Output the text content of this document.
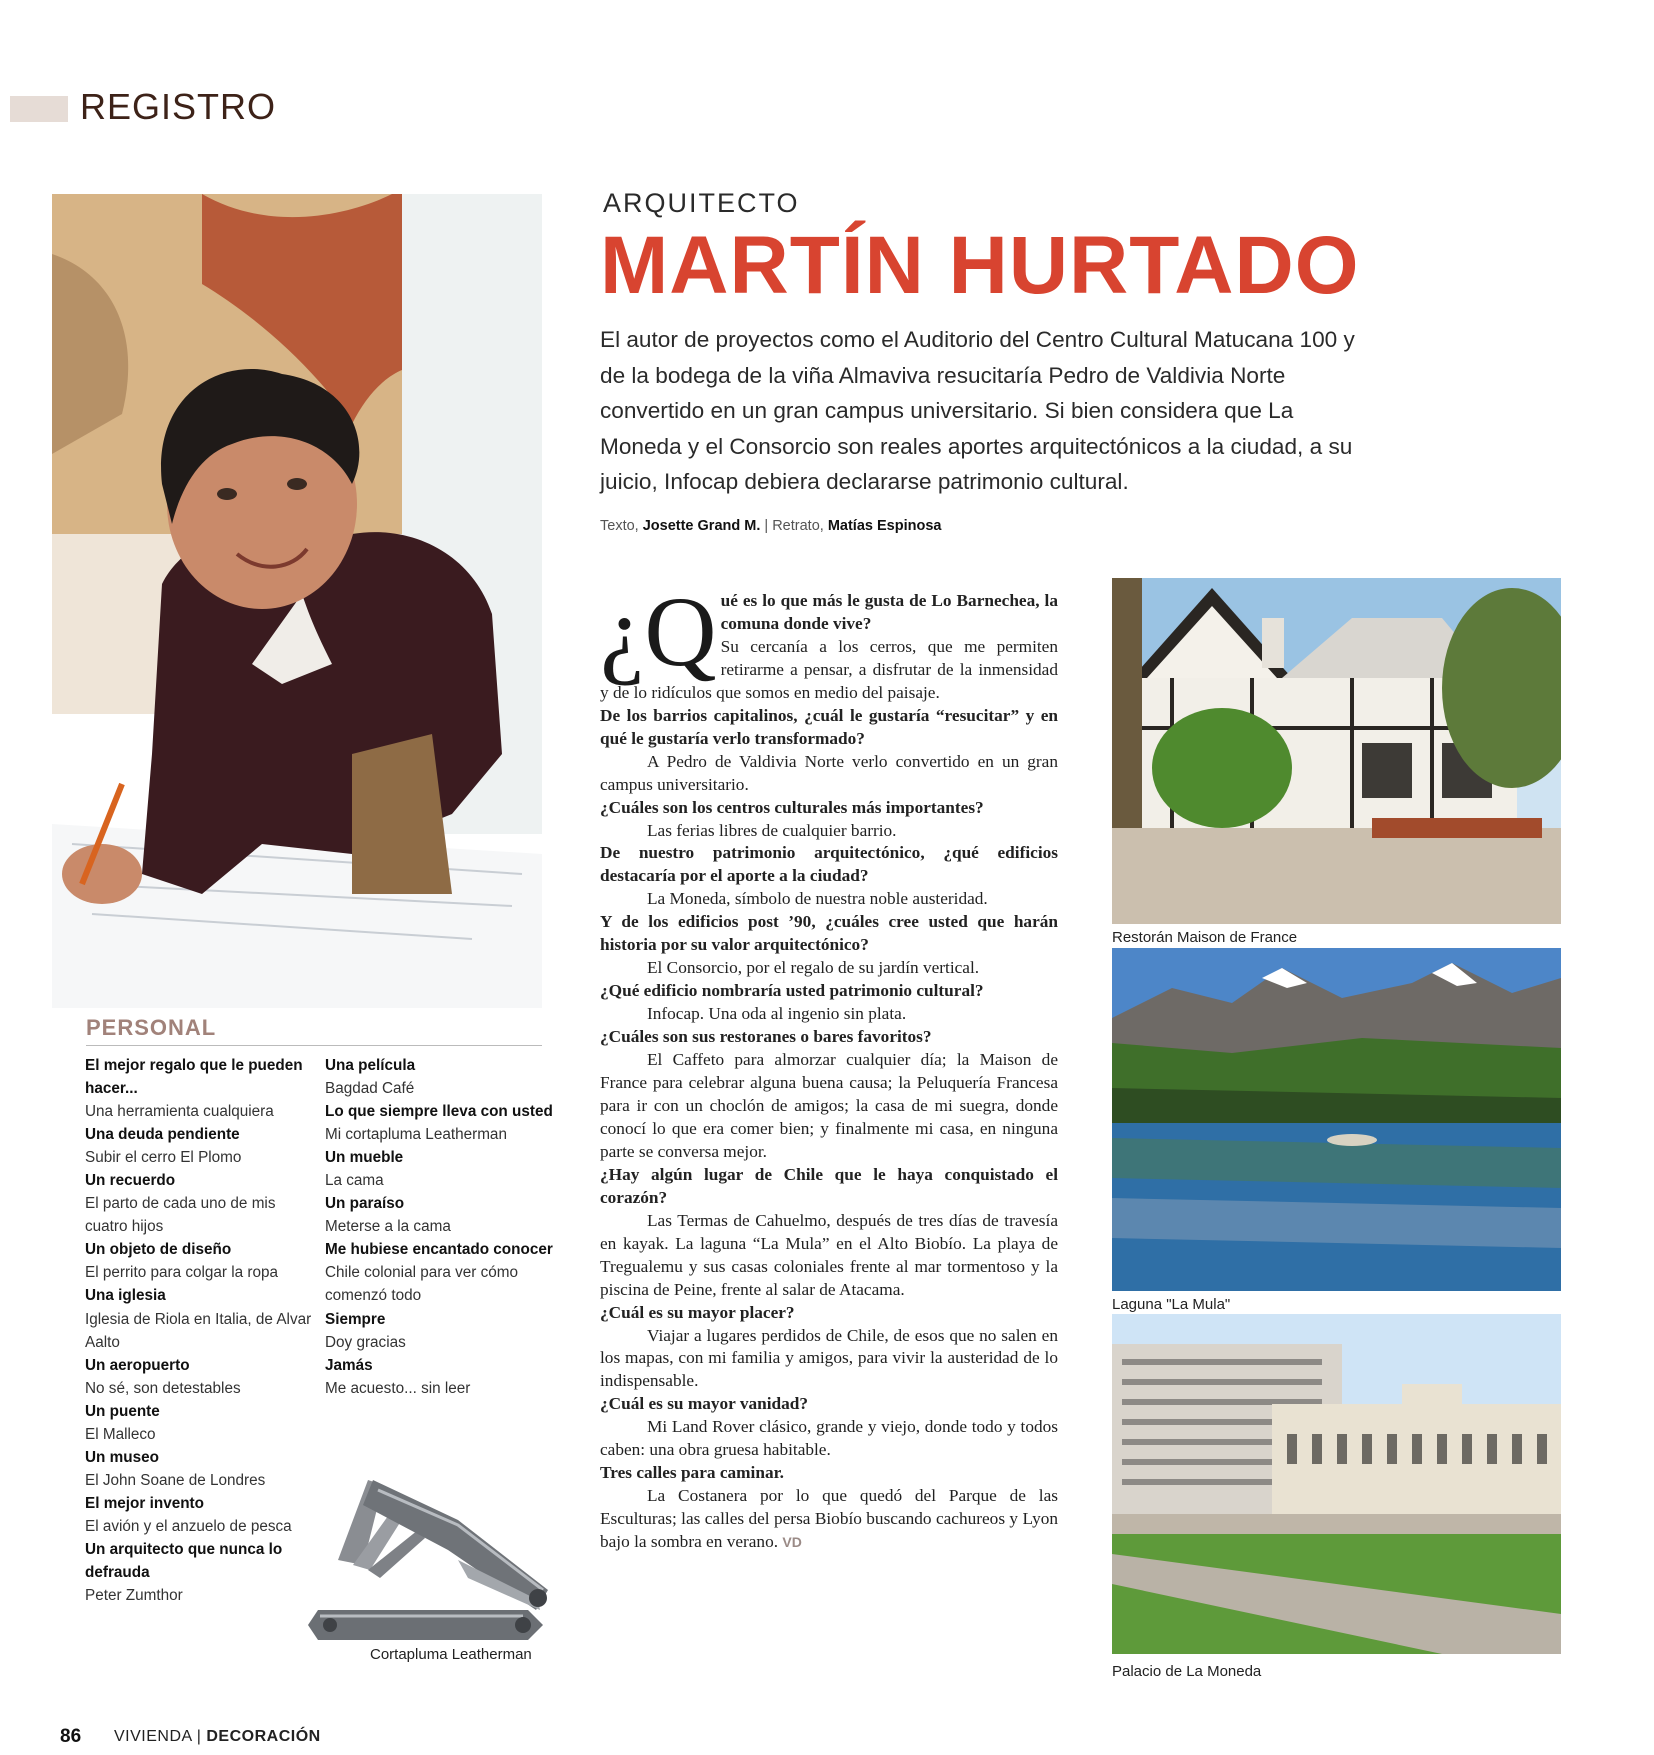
REGISTRO
ARQUITECTO
MARTÍN HURTADO
El autor de proyectos como el Auditorio del Centro Cultural Matucana 100 y de la bodega de la viña Almaviva resucitaría Pedro de Valdivia Norte convertido en un gran campus universitario. Si bien considera que La Moneda y el Consorcio son reales aportes arquitectónicos a la ciudad, a su juicio, Infocap debiera declararse patrimonio cultural.
Texto, Josette Grand M. | Retrato, Matías Espinosa
¿Q ué es lo que más le gusta de Lo Barnechea, la comuna donde vive?

Su cercanía a los cerros, que me permiten retirarme a pensar, a disfrutar de la inmensidad y de lo ridículos que somos en medio del paisaje.

De los barrios capitalinos, ¿cuál le gustaría “resucitar” y en qué le gustaría verlo transformado?

A Pedro de Valdivia Norte verlo convertido en un gran campus universitario.

¿Cuáles son los centros culturales más importantes?

Las ferias libres de cualquier barrio.

De nuestro patrimonio arquitectónico, ¿qué edificios destacaría por el aporte a la ciudad?

La Moneda, símbolo de nuestra noble austeridad.

Y de los edificios post ’90, ¿cuáles cree usted que harán historia por su valor arquitectónico?

El Consorcio, por el regalo de su jardín vertical.

¿Qué edificio nombraría usted patrimonio cultural?

Infocap. Una oda al ingenio sin plata.

¿Cuáles son sus restoranes o bares favoritos?

El Caffeto para almorzar cualquier día; la Maison de France para celebrar alguna buena causa; la Peluquería Francesa para ir con un choclón de amigos; la casa de mi suegra, donde conocí lo que era comer bien; y finalmente mi casa, en ninguna parte se conversa mejor.

¿Hay algún lugar de Chile que le haya conquistado el corazón?

Las Termas de Cahuelmo, después de tres días de travesía en kayak. La laguna “La Mula” en el Alto Biobío. La playa de Tregualemu y sus casas coloniales frente al mar tormentoso y la piscina de Peine, frente al salar de Atacama.

¿Cuál es su mayor placer?

Viajar a lugares perdidos de Chile, de esos que no salen en los mapas, con mi familia y amigos, para vivir la austeridad de lo indispensable.

¿Cuál es su mayor vanidad?

Mi Land Rover clásico, grande y viejo, donde todo y todos caben: una obra gruesa habitable.

Tres calles para caminar.

La Costanera por lo que quedó del Parque de las Esculturas; las calles del persa Biobío buscando cachureos y Lyon bajo la sombra en verano. VD

PERSONAL
El mejor regalo que le pueden hacer...
Una herramienta cualquiera
Una deuda pendiente
Subir el cerro El Plomo
Un recuerdo
El parto de cada uno de mis cuatro hijos
Un objeto de diseño
El perrito para colgar la ropa
Una iglesia
Iglesia de Riola en Italia, de Alvar Aalto
Un aeropuerto
No sé, son detestables
Un puente
El Malleco
Un museo
El John Soane de Londres
El mejor invento
El avión y el anzuelo de pesca
Un arquitecto que nunca lo defrauda
Peter Zumthor
Una película
Bagdad Café
Lo que siempre lleva con usted
Mi cortapluma Leatherman
Un mueble
La cama
Un paraíso
Meterse a la cama
Me hubiese encantado conocer
Chile colonial para ver cómo comenzó todo
Siempre
Doy gracias
Jamás
Me acuesto... sin leer
Cortapluma Leatherman
Restorán Maison de France
Laguna "La Mula"
Palacio de La Moneda
86 VIVIENDA | DECORACIÓN
